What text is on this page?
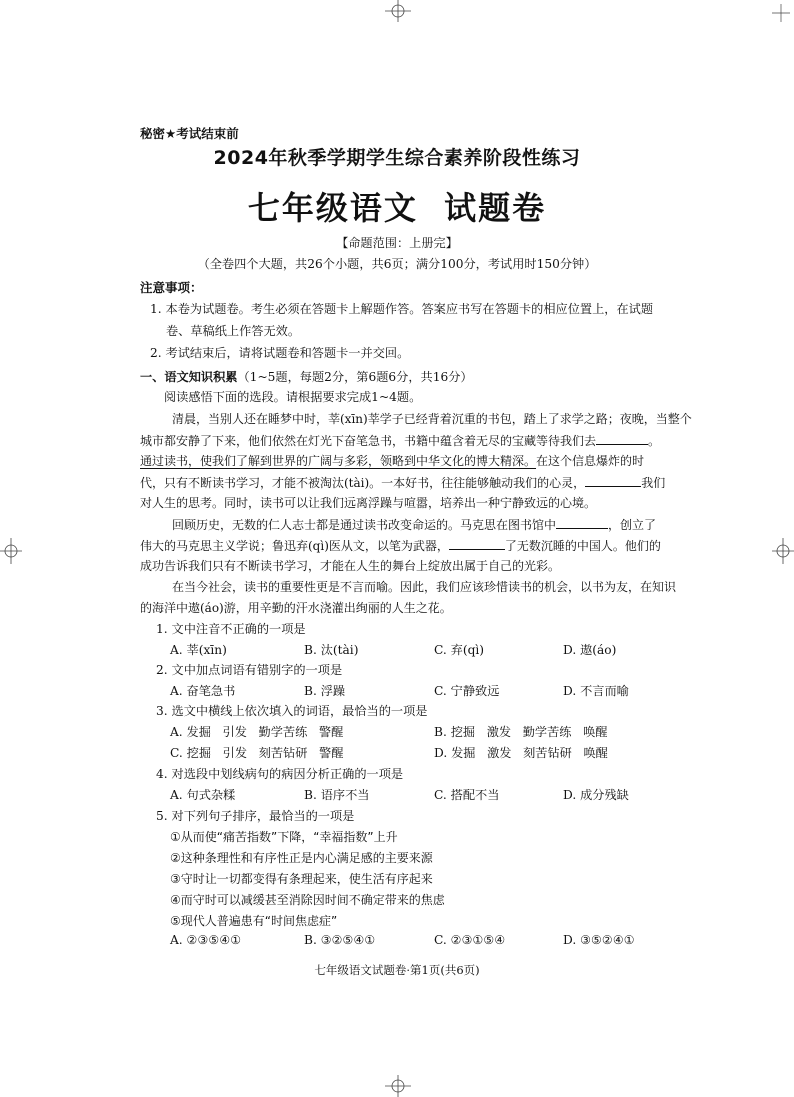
秘密★考试结束前
2024年秋季学期学生综合素养阶段性练习
七年级语文  试题卷
【命题范围：上册完】
（全卷四个大题，共26个小题，共6页；满分100分，考试用时150分钟）
注意事项：
1. 本卷为试题卷。考生必须在答题卡上解题作答。答案应书写在答题卡的相应位置上，在试题
卷、草稿纸上作答无效。
2. 考试结束后，请将试题卷和答题卡一并交回。
一、语文知识积累（1~5题，每题2分，第6题6分，共16分）
阅读感悟下面的选段。请根据要求完成1~4题。
清晨，当别人还在睡梦中时，莘(xīn)莘学子已经背着沉重的书包，踏上了求学之路；夜晚，当整个
城市都安静了下来，他们依然在灯光下奋笔急书，书籍中蕴含着无尽的宝藏等待我们去	。
通过读书，使我们了解到世界的广阔与多彩，领略到中华文化的博大精深。在这个信息爆炸的时
代，只有不断读书学习，才能不被淘汰(tài)。一本好书，往往能够触动我们的心灵，	我们
对人生的思考。同时，读书可以让我们远离浮躁与喧嚣，培养出一种宁静致远的心境。
回顾历史，无数的仁人志士都是通过读书改变命运的。马克思在图书馆中	，创立了
伟大的马克思主义学说；鲁迅弃(qì)医从文，以笔为武器，	了无数沉睡的中国人。他们的
成功告诉我们只有不断读书学习，才能在人生的舞台上绽放出属于自己的光彩。
在当今社会，读书的重要性更是不言而喻。因此，我们应该珍惜读书的机会，以书为友，在知识
的海洋中遨(áo)游，用辛勤的汗水浇灌出绚丽的人生之花。
1. 文中注音不正确的一项是
A. 莘(xīn)	B. 汰(tài)	C. 弃(qì)	D. 遨(áo)
2. 文中加点词语有错别字的一项是
A. 奋笔急书	B. 浮躁	C. 宁静致远	D. 不言而喻
3. 选文中横线上依次填入的词语，最恰当的一项是
A. 发掘   引发   勤学苦练   警醒	B. 挖掘   激发   勤学苦练   唤醒
C. 挖掘   引发   刻苦钻研   警醒	D. 发掘   激发   刻苦钻研   唤醒
4. 对选段中划线病句的病因分析正确的一项是
A. 句式杂糅	B. 语序不当	C. 搭配不当	D. 成分残缺
5. 对下列句子排序，最恰当的一项是
①从而使“痛苦指数”下降，“幸福指数”上升
②这种条理性和有序性正是内心满足感的主要来源
③守时让一切都变得有条理起来，使生活有序起来
④而守时可以减缓甚至消除因时间不确定带来的焦虑
⑤现代人普遍患有“时间焦虑症”
A. ②③⑤④①	B. ③②⑤④①	C. ②③①⑤④	D. ③⑤②④①
七年级语文试题卷·第1页(共6页)
